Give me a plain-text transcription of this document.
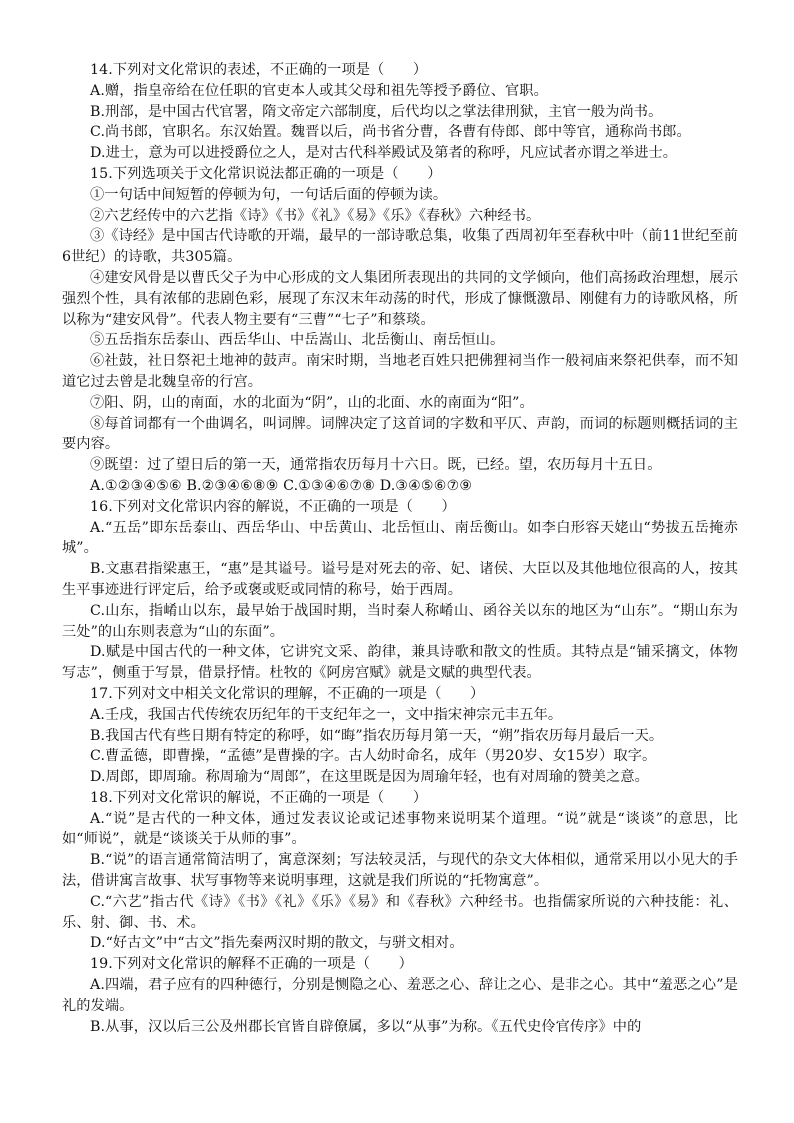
14.下列对文化常识的表述，不正确的一项是（　　）

A.赠，指皇帝给在位任职的官吏本人或其父母和祖先等授予爵位、官职。

B.刑部，是中国古代官署，隋文帝定六部制度，后代均以之掌法律刑狱，主官一般为尚书。

C.尚书郎，官职名。东汉始置。魏晋以后，尚书省分曹，各曹有侍郎、郎中等官，通称尚书郎。

D.进士，意为可以进授爵位之人，是对古代科举殿试及第者的称呼，凡应试者亦谓之举进士。

15.下列选项关于文化常识说法都正确的一项是（　　）

①一句话中间短暂的停顿为句，一句话后面的停顿为读。

②六艺经传中的六艺指《诗》《书》《礼》《易》《乐》《春秋》六种经书。

③《诗经》是中国古代诗歌的开端，最早的一部诗歌总集，收集了西周初年至春秋中叶（前11世纪至前6世纪）的诗歌，共305篇。

④建安风骨是以曹氏父子为中心形成的文人集团所表现出的共同的文学倾向，他们高扬政治理想，展示强烈个性，具有浓郁的悲剧色彩，展现了东汉末年动荡的时代，形成了慷慨激昂、刚健有力的诗歌风格，所以称为“建安风骨”。代表人物主要有“三曹”“七子”和蔡琰。

⑤五岳指东岳泰山、西岳华山、中岳嵩山、北岳衡山、南岳恒山。

⑥社鼓，社日祭祀土地神的鼓声。南宋时期，当地老百姓只把佛狸祠当作一般祠庙来祭祀供奉，而不知道它过去曾是北魏皇帝的行宫。

⑦阳、阴，山的南面，水的北面为“阴”，山的北面、水的南面为“阳”。

⑧每首词都有一个曲调名，叫词牌。词牌决定了这首词的字数和平仄、声韵，而词的标题则概括词的主要内容。

⑨既望：过了望日后的第一天，通常指农历每月十六日。既，已经。望，农历每月十五日。

A.①②③④⑤⑥ B.②③④⑥⑧⑨ C.①③④⑥⑦⑧ D.③④⑤⑥⑦⑨

16.下列对文化常识内容的解说，不正确的一项是（　　）

A.“五岳”即东岳泰山、西岳华山、中岳黄山、北岳恒山、南岳衡山。如李白形容天姥山“势拔五岳掩赤城”。

B.文惠君指梁惠王，“惠”是其谥号。谥号是对死去的帝、妃、诸侯、大臣以及其他地位很高的人，按其生平事迹进行评定后，给予或褒或贬或同情的称号，始于西周。

C.山东，指崤山以东，最早始于战国时期，当时秦人称崤山、函谷关以东的地区为“山东”。“期山东为三处”的山东则表意为“山的东面”。

D.赋是中国古代的一种文体，它讲究文采、韵律，兼具诗歌和散文的性质。其特点是“铺采摛文，体物写志”，侧重于写景，借景抒情。杜牧的《阿房宫赋》就是文赋的典型代表。

17.下列对文中相关文化常识的理解，不正确的一项是（　　）

A.壬戌，我国古代传统农历纪年的干支纪年之一，文中指宋神宗元丰五年。

B.我国古代有些日期有特定的称呼，如“晦”指农历每月第一天，“朔”指农历每月最后一天。

C.曹孟德，即曹操，“孟德”是曹操的字。古人幼时命名，成年（男20岁、女15岁）取字。

D.周郎，即周瑜。称周瑜为“周郎”，在这里既是因为周瑜年轻，也有对周瑜的赞美之意。

18.下列对文化常识的解说，不正确的一项是（　　）

A.“说”是古代的一种文体，通过发表议论或记述事物来说明某个道理。“说”就是“谈谈”的意思，比如“师说”，就是“谈谈关于从师的事”。

B.“说”的语言通常简洁明了，寓意深刻；写法较灵活，与现代的杂文大体相似，通常采用以小见大的手法，借讲寓言故事、状写事物等来说明事理，这就是我们所说的“托物寓意”。

C.“六艺”指古代《诗》《书》《礼》《乐》《易》和《春秋》六种经书。也指儒家所说的六种技能：礼、乐、射、御、书、术。

D.“好古文”中“古文”指先秦两汉时期的散文，与骈文相对。

19.下列对文化常识的解释不正确的一项是（　　）

A.四端，君子应有的四种德行，分别是恻隐之心、羞恶之心、辞让之心、是非之心。其中“羞恶之心”是礼的发端。

B.从事，汉以后三公及州郡长官皆自辟僚属，多以“从事”为称。《五代史伶官传序》中的
